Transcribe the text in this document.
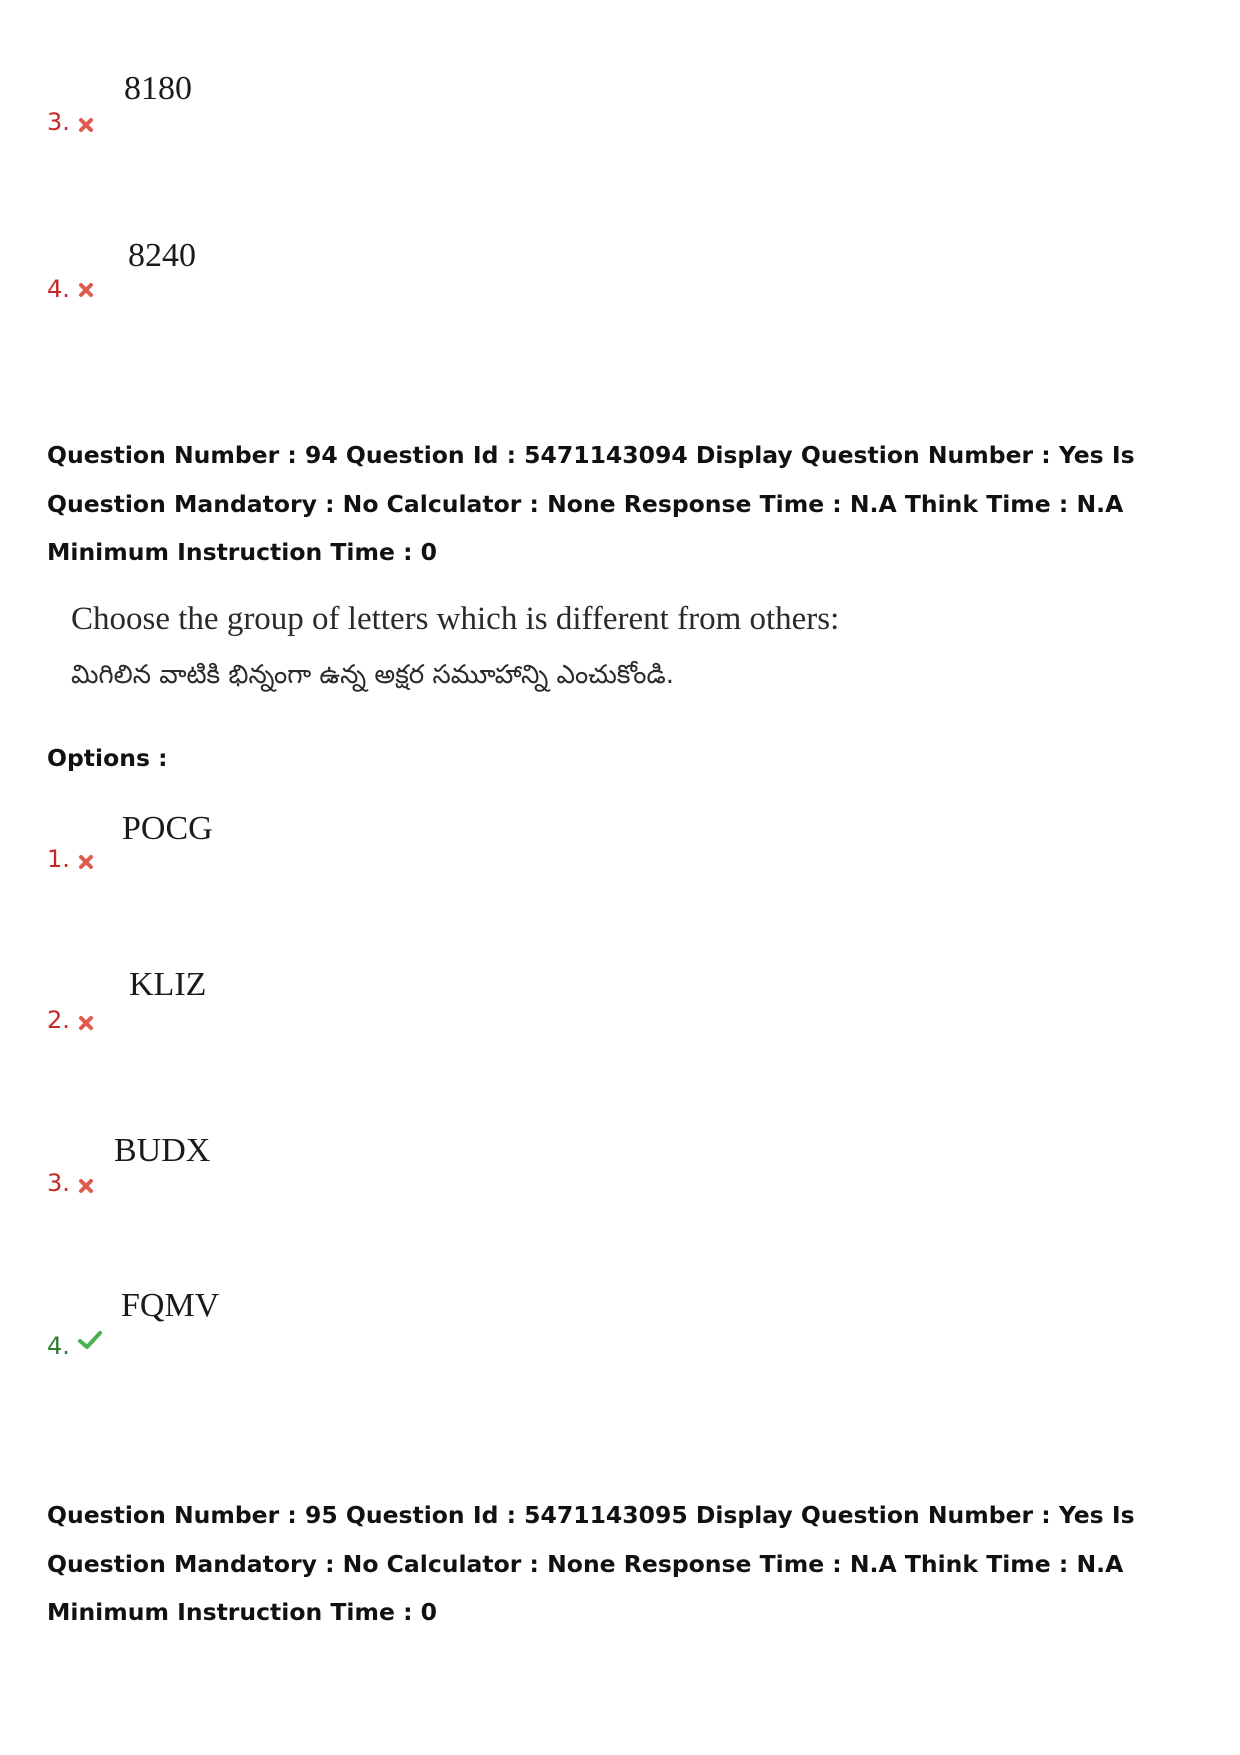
8180
3.
8240
4.
Question Number : 94 Question Id : 5471143094 Display Question Number : Yes Is Question Mandatory : No Calculator : None Response Time : N.A Think Time : N.A Minimum Instruction Time : 0
Choose the group of letters which is different from others:
మిగిలిన వాటికి భిన్నంగా ఉన్న అక్షర సమూహాన్ని ఎంచుకోండి.
Options :
POCG
1.
KLIZ
2.
BUDX
3.
FQMV
4.
Question Number : 95 Question Id : 5471143095 Display Question Number : Yes Is Question Mandatory : No Calculator : None Response Time : N.A Think Time : N.A Minimum Instruction Time : 0
